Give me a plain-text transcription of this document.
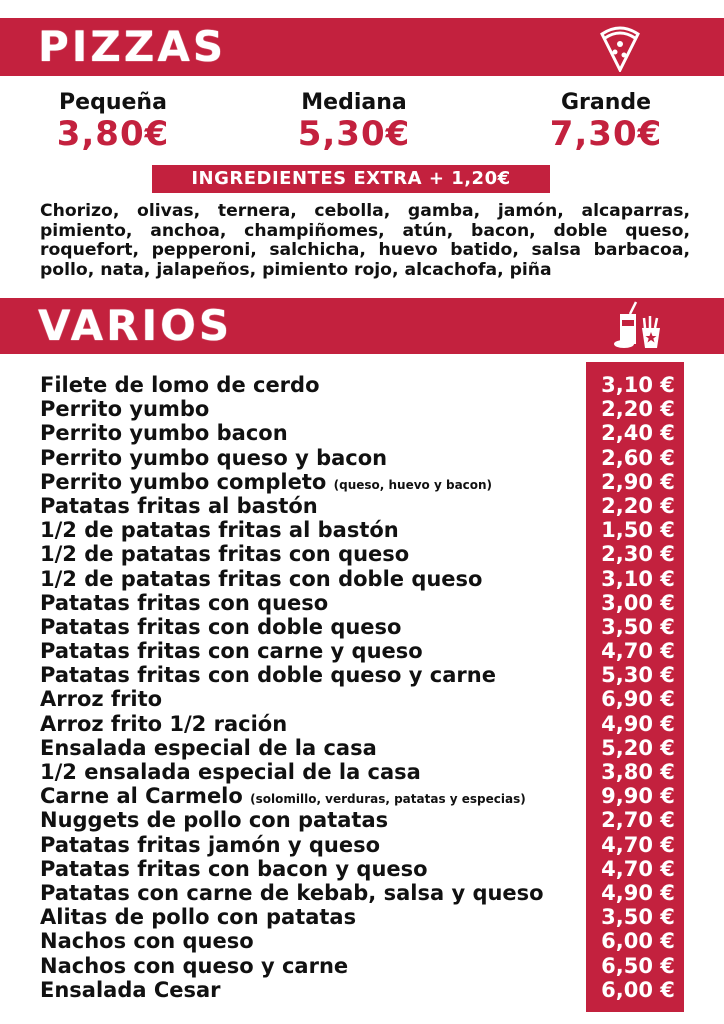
PIZZAS
Pequeña
3,80€
Mediana
5,30€
Grande
7,30€
INGREDIENTES EXTRA + 1,20€
Chorizo, olivas, ternera, cebolla, gamba, jamón, alcaparras, pimiento, anchoa, champiñomes, atún, bacon, doble queso, roquefort, pepperoni, salchicha, huevo batido, salsa barbacoa, pollo, nata, jalapeños, pimiento rojo, alcachofa, piña
VARIOS
Filete de lomo de cerdo	3,10 €
Perrito yumbo	2,20 €
Perrito yumbo bacon	2,40 €
Perrito yumbo queso y bacon	2,60 €
Perrito yumbo completo (queso, huevo y bacon)	2,90 €
Patatas fritas al bastón	2,20 €
1/2 de patatas fritas al bastón	1,50 €
1/2 de patatas fritas con queso	2,30 €
1/2 de patatas fritas con doble queso	3,10 €
Patatas fritas con queso	3,00 €
Patatas fritas con doble queso	3,50 €
Patatas fritas con carne y queso	4,70 €
Patatas fritas con doble queso y carne	5,30 €
Arroz frito	6,90 €
Arroz frito 1/2 ración	4,90 €
Ensalada especial de la casa	5,20 €
1/2 ensalada especial de la casa	3,80 €
Carne al Carmelo (solomillo, verduras, patatas y especias)	9,90 €
Nuggets de pollo con patatas	2,70 €
Patatas fritas jamón y queso	4,70 €
Patatas fritas con bacon y queso	4,70 €
Patatas con carne de kebab, salsa y queso	4,90 €
Alitas de pollo con patatas	3,50 €
Nachos con queso	6,00 €
Nachos con queso y carne	6,50 €
Ensalada Cesar	6,00 €
